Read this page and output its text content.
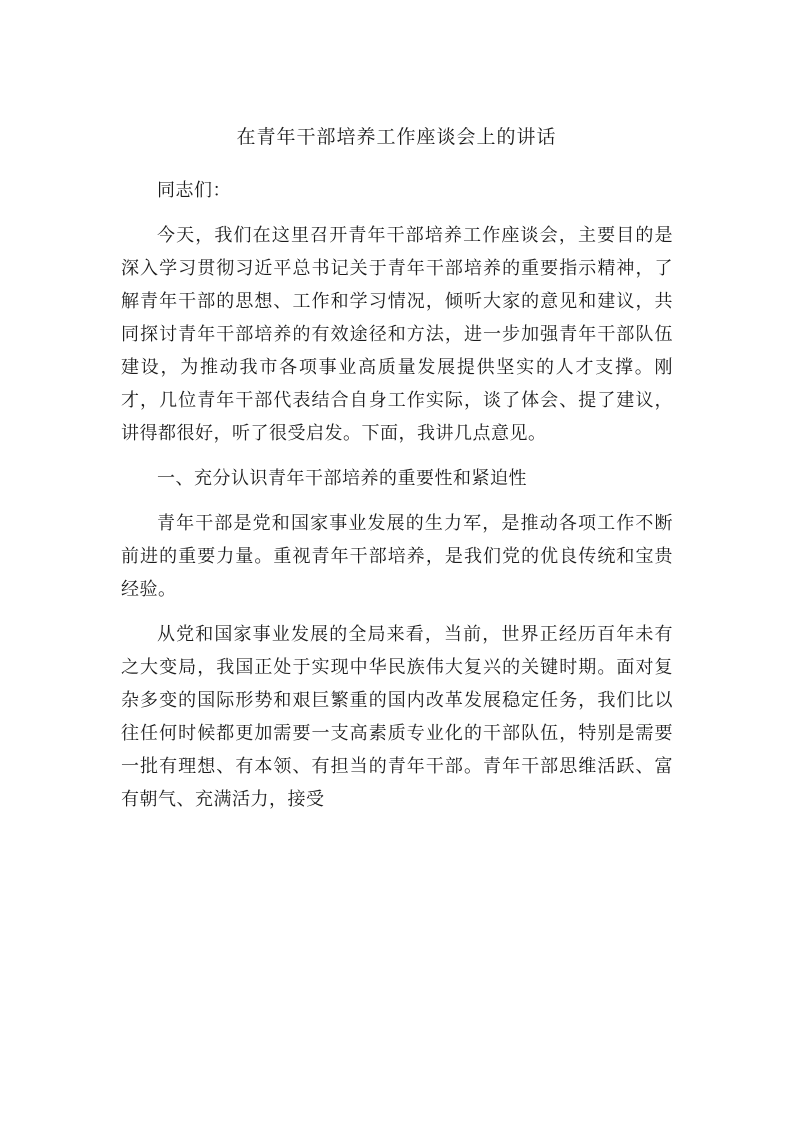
在青年干部培养工作座谈会上的讲话

同志们：

今天，我们在这里召开青年干部培养工作座谈会，主要目的是深入学习贯彻习近平总书记关于青年干部培养的重要指示精神，了解青年干部的思想、工作和学习情况，倾听大家的意见和建议，共同探讨青年干部培养的有效途径和方法，进一步加强青年干部队伍建设，为推动我市各项事业高质量发展提供坚实的人才支撑。刚才，几位青年干部代表结合自身工作实际，谈了体会、提了建议，讲得都很好，听了很受启发。下面，我讲几点意见。

一、充分认识青年干部培养的重要性和紧迫性

青年干部是党和国家事业发展的生力军，是推动各项工作不断前进的重要力量。重视青年干部培养，是我们党的优良传统和宝贵经验。

从党和国家事业发展的全局来看，当前，世界正经历百年未有之大变局，我国正处于实现中华民族伟大复兴的关键时期。面对复杂多变的国际形势和艰巨繁重的国内改革发展稳定任务，我们比以往任何时候都更加需要一支高素质专业化的干部队伍，特别是需要一批有理想、有本领、有担当的青年干部。青年干部思维活跃、富有朝气、充满活力，接受
